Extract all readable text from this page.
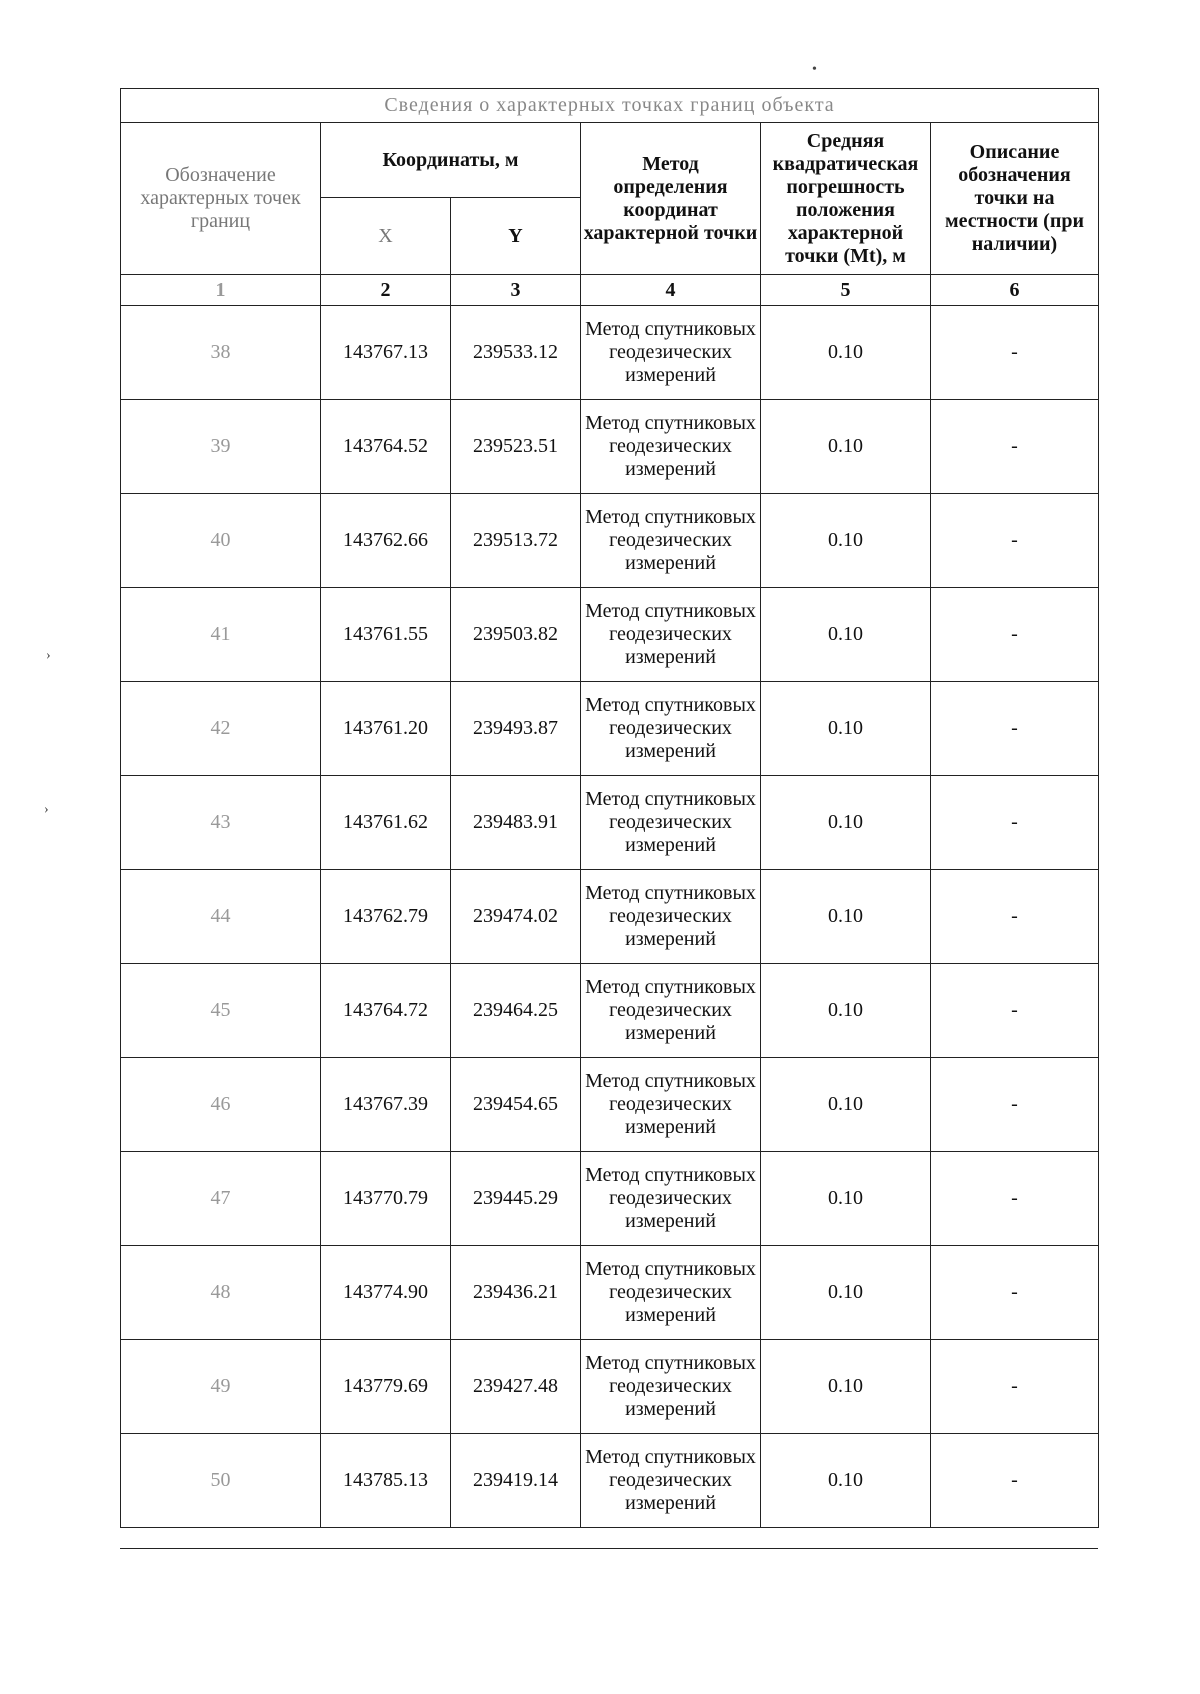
Сведения о характерных точках границ объекта					
Обозначение характерных точек границ	Координаты, м		Метод определения координат характерной точки	Средняя квадратическая погрешность положения характерной точки (Mt), м	Описание обозначения точки на местности (при наличии)
	X	Y			
1	2	3	4	5	6
38	143767.13	239533.12	Метод спутниковых геодезических измерений	0.10	-
39	143764.52	239523.51	Метод спутниковых геодезических измерений	0.10	-
40	143762.66	239513.72	Метод спутниковых геодезических измерений	0.10	-
41	143761.55	239503.82	Метод спутниковых геодезических измерений	0.10	-
42	143761.20	239493.87	Метод спутниковых геодезических измерений	0.10	-
43	143761.62	239483.91	Метод спутниковых геодезических измерений	0.10	-
44	143762.79	239474.02	Метод спутниковых геодезических измерений	0.10	-
45	143764.72	239464.25	Метод спутниковых геодезических измерений	0.10	-
46	143767.39	239454.65	Метод спутниковых геодезических измерений	0.10	-
47	143770.79	239445.29	Метод спутниковых геодезических измерений	0.10	-
48	143774.90	239436.21	Метод спутниковых геодезических измерений	0.10	-
49	143779.69	239427.48	Метод спутниковых геодезических измерений	0.10	-
50	143785.13	239419.14	Метод спутниковых геодезических измерений	0.10	-
•
›
›
